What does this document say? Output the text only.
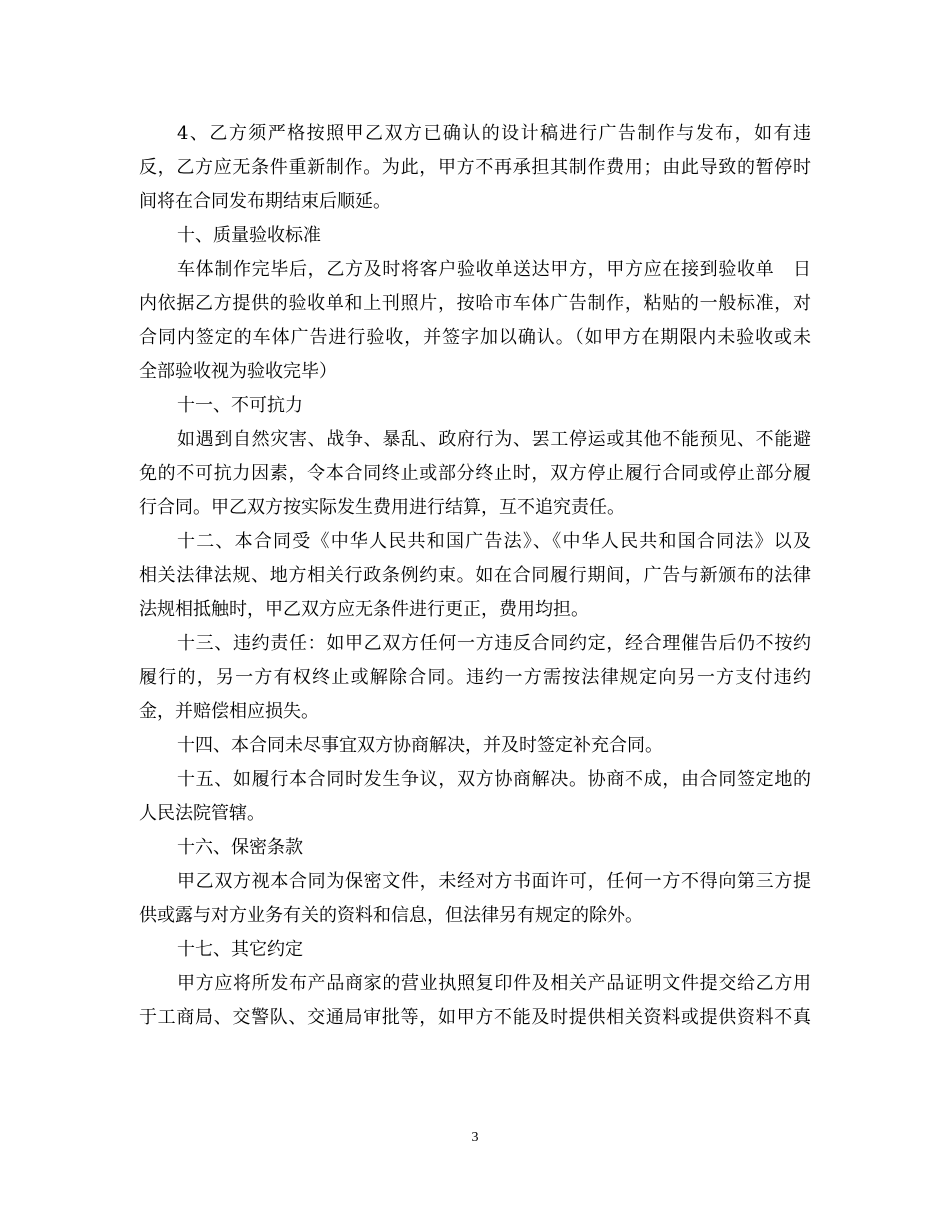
4、乙方须严格按照甲乙双方已确认的设计稿进行广告制作与发布，如有违
反，乙方应无条件重新制作。为此，甲方不再承担其制作费用；由此导致的暂停时
间将在合同发布期结束后顺延。
十、质量验收标准
车体制作完毕后，乙方及时将客户验收单送达甲方，甲方应在接到验收单　日
内依据乙方提供的验收单和上刊照片，按哈市车体广告制作，粘贴的一般标准，对
合同内签定的车体广告进行验收，并签字加以确认。（如甲方在期限内未验收或未
全部验收视为验收完毕）
十一、不可抗力
如遇到自然灾害、战争、暴乱、政府行为、罢工停运或其他不能预见、不能避
免的不可抗力因素，令本合同终止或部分终止时，双方停止履行合同或停止部分履
行合同。甲乙双方按实际发生费用进行结算，互不追究责任。
十二、本合同受《中华人民共和国广告法》、《中华人民共和国合同法》以及
相关法律法规、地方相关行政条例约束。如在合同履行期间，广告与新颁布的法律
法规相抵触时，甲乙双方应无条件进行更正，费用均担。
十三、违约责任：如甲乙双方任何一方违反合同约定，经合理催告后仍不按约
履行的，另一方有权终止或解除合同。违约一方需按法律规定向另一方支付违约
金，并赔偿相应损失。
十四、本合同未尽事宜双方协商解决，并及时签定补充合同。
十五、如履行本合同时发生争议，双方协商解决。协商不成，由合同签定地的
人民法院管辖。
十六、保密条款
甲乙双方视本合同为保密文件，未经对方书面许可，任何一方不得向第三方提
供或露与对方业务有关的资料和信息，但法律另有规定的除外。
十七、其它约定
甲方应将所发布产品商家的营业执照复印件及相关产品证明文件提交给乙方用
于工商局、交警队、交通局审批等，如甲方不能及时提供相关资料或提供资料不真
3
